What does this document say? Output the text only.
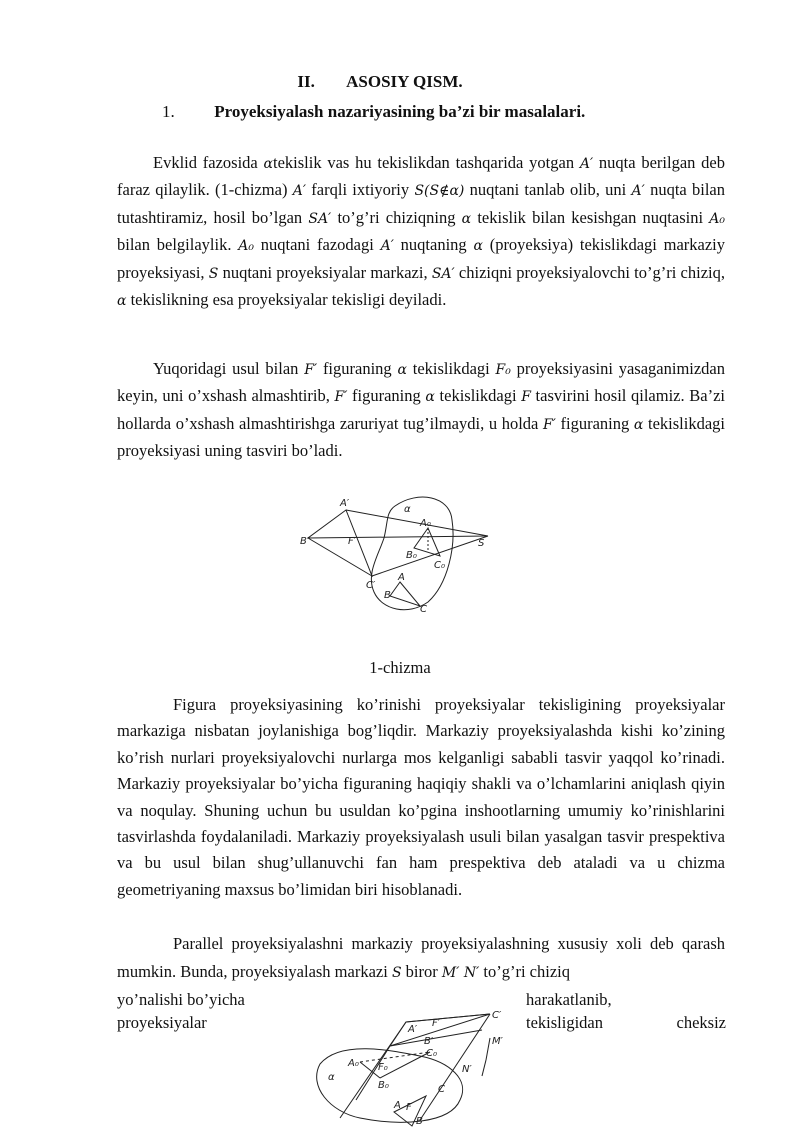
II. ASOSIY QISM.
1. Proyeksiyalash nazariyasining ba’zi bir masalalari.

Evklid fazosida αtekislik vas hu tekislikdan tashqarida yotgan A′ nuqta berilgan deb faraz qilaylik. (1-chizma) A′ farqli ixtiyoriy S(S∉α) nuqtani tanlab olib, uni A′ nuqta bilan tutashtiramiz, hosil bo’lgan SA′ to’g’ri chiziqning α tekislik bilan kesishgan nuqtasini A₀ bilan belgilaylik. A₀ nuqtani fazodagi A′ nuqtaning α (proyeksiya) tekislikdagi markaziy proyeksiyasi, S nuqtani proyeksiyalar markazi, SA′ chiziqni proyeksiyalovchi to’g’ri chiziq, α tekislikning esa proyeksiyalar tekisligi deyiladi.

Yuqoridagi usul bilan F′ figuraning α tekislikdagi F₀ proyeksiyasini yasaganimizdan keyin, uni o’xshash almashtirib, F′ figuraning α tekislikdagi F tasvirini hosil qilamiz. Ba’zi hollarda o’xshash almashtirishga zaruriyat tug’ilmaydi, u holda F′ figuraning α tekislikdagi proyeksiyasi uning tasviri bo’ladi.

A′
B′
C′
F′
α
S
A₀
B₀
C₀
A
B
C
1-chizma

Figura proyeksiyasining ko’rinishi proyeksiyalar tekisligining proyeksiyalar markaziga nisbatan joylanishiga bog’liqdir. Markaziy proyeksiyalashda kishi ko’zining ko’rish nurlari proyeksiyalovchi nurlarga mos kelganligi sababli tasvir yaqqol ko’rinadi. Markaziy proyeksiyalar bo’yicha figuraning haqiqiy shakli va o’lchamlarini aniqlash qiyin va noqulay. Shuning uchun bu usuldan ko’pgina inshootlarning umumiy ko’rinishlarini tasvirlashda foydalaniladi. Markaziy proyeksiyalash usuli bilan yasalgan tasvir prespektiva va bu usul bilan shug’ullanuvchi fan ham prespektiva deb ataladi va u chizma geometriyaning maxsus bo’limidan biri hisoblanadi.

Parallel proyeksiyalashni markaziy proyeksiyalashning xususiy xoli deb qarash mumkin. Bunda, proyeksiyalash markazi S biror M′ N′ to’g’ri chiziq

yo’nalishi bo’yicha	harakatlanib,
proyeksiyalar	tekisligidan cheksiz
A′
F′
C′
B′
A₀ F₀
C₀
B₀
M′
N′
α
A F
C
B
